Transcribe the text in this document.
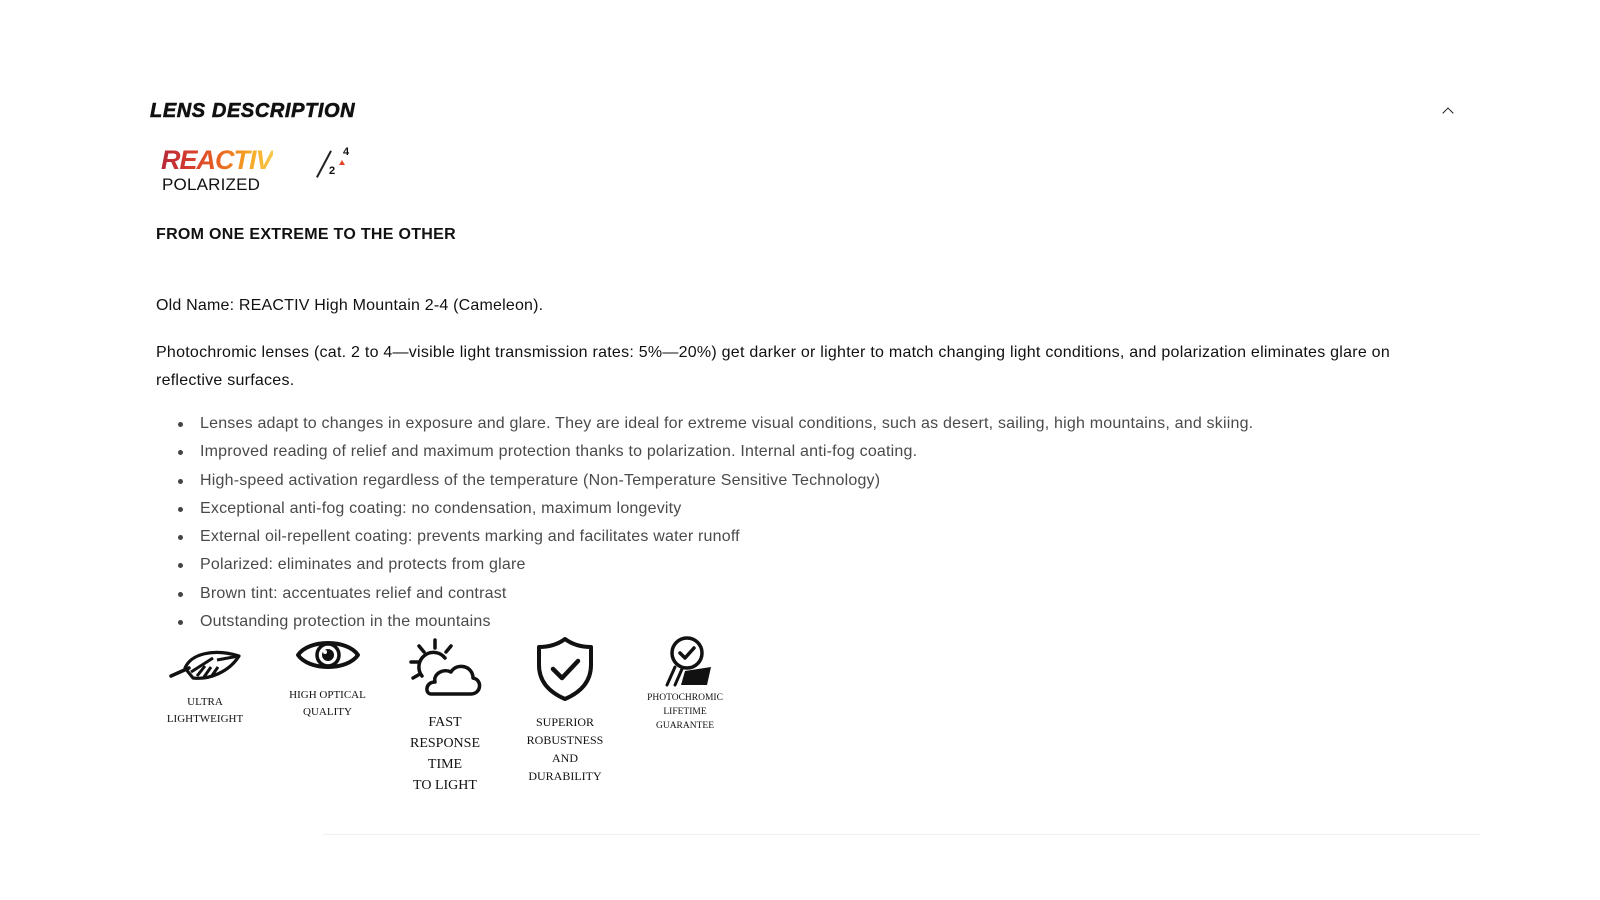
LENS DESCRIPTION
REACTIV	4
2
POLARIZED
FROM ONE EXTREME TO THE OTHER
Old Name: REACTIV High Mountain 2-4 (Cameleon).
Photochromic lenses (cat. 2 to 4—visible light transmission rates: 5%—20%) get darker or lighter to match changing light conditions, and polarization eliminates glare on reflective surfaces.
Lenses adapt to changes in exposure and glare. They are ideal for extreme visual conditions, such as desert, sailing, high mountains, and skiing.
Improved reading of relief and maximum protection thanks to polarization. Internal anti-fog coating.
High-speed activation regardless of the temperature (Non-Temperature Sensitive Technology)
Exceptional anti-fog coating: no condensation, maximum longevity
External oil-repellent coating: prevents marking and facilitates water runoff
Polarized: eliminates and protects from glare
Brown tint: accentuates relief and contrast
Outstanding protection in the mountains
ULTRA
LIGHTWEIGHT
HIGH OPTICAL
QUALITY
FAST
RESPONSE
TIME
TO LIGHT
SUPERIOR
ROBUSTNESS
AND
DURABILITY
PHOTOCHROMIC
LIFETIME
GUARANTEE
